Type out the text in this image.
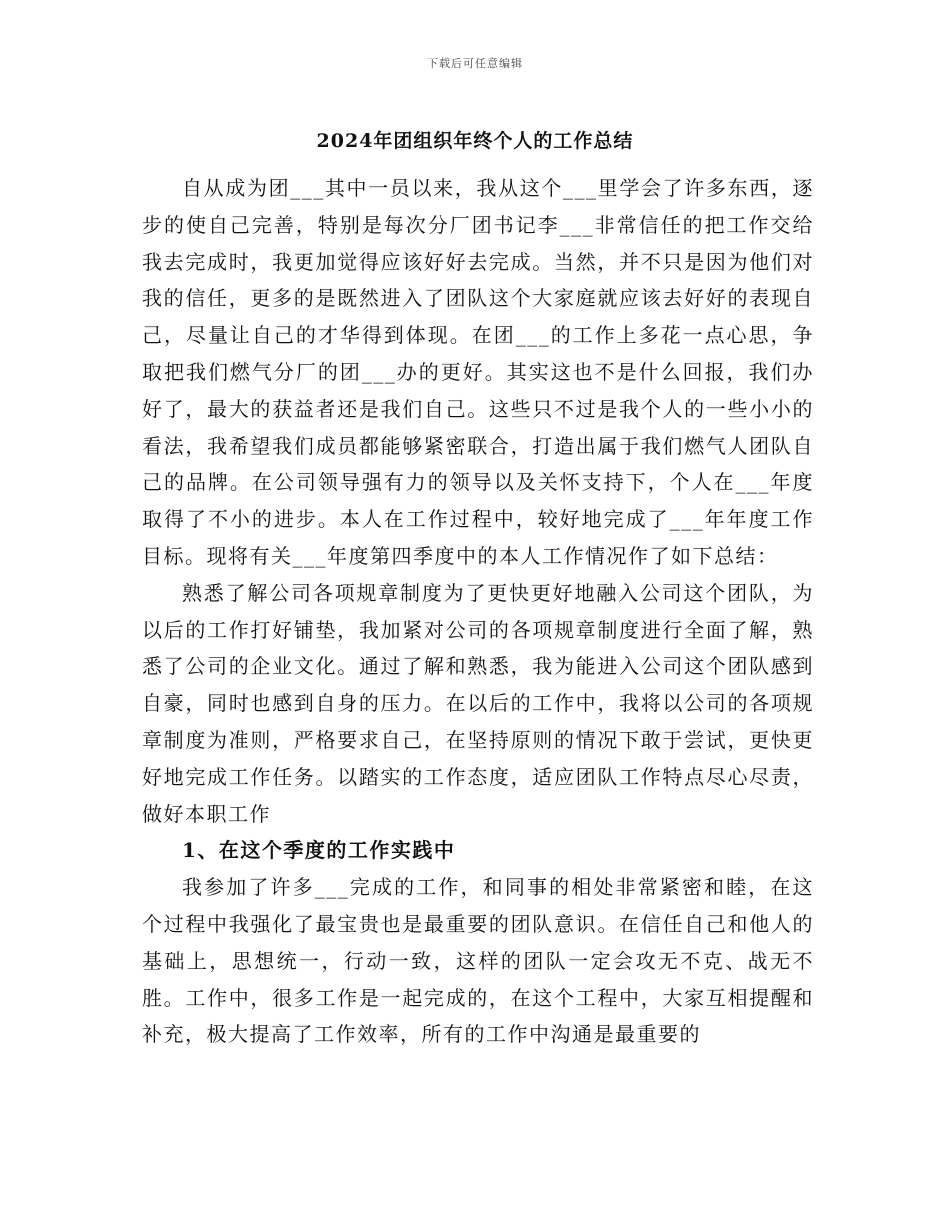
下载后可任意编辑
2024年团组织年终个人的工作总结

自从成为团___其中一员以来，我从这个___里学会了许多东西，逐步的使自己完善，特别是每次分厂团书记李___非常信任的把工作交给我去完成时，我更加觉得应该好好去完成。当然，并不只是因为他们对我的信任，更多的是既然进入了团队这个大家庭就应该去好好的表现自己，尽量让自己的才华得到体现。在团___的工作上多花一点心思，争取把我们燃气分厂的团___办的更好。其实这也不是什么回报，我们办好了，最大的获益者还是我们自己。这些只不过是我个人的一些小小的看法，我希望我们成员都能够紧密联合，打造出属于我们燃气人团队自己的品牌。在公司领导强有力的领导以及关怀支持下，个人在___年度取得了不小的进步。本人在工作过程中，较好地完成了___年年度工作目标。现将有关___年度第四季度中的本人工作情况作了如下总结：

熟悉了解公司各项规章制度为了更快更好地融入公司这个团队，为以后的工作打好铺垫，我加紧对公司的各项规章制度进行全面了解，熟悉了公司的企业文化。通过了解和熟悉，我为能进入公司这个团队感到自豪，同时也感到自身的压力。在以后的工作中，我将以公司的各项规章制度为准则，严格要求自己，在坚持原则的情况下敢于尝试，更快更好地完成工作任务。以踏实的工作态度，适应团队工作特点尽心尽责，做好本职工作

1、在这个季度的工作实践中

我参加了许多___完成的工作，和同事的相处非常紧密和睦，在这个过程中我强化了最宝贵也是最重要的团队意识。在信任自己和他人的基础上，思想统一，行动一致，这样的团队一定会攻无不克、战无不胜。工作中，很多工作是一起完成的，在这个工程中，大家互相提醒和补充，极大提高了工作效率，所有的工作中沟通是最重要的
